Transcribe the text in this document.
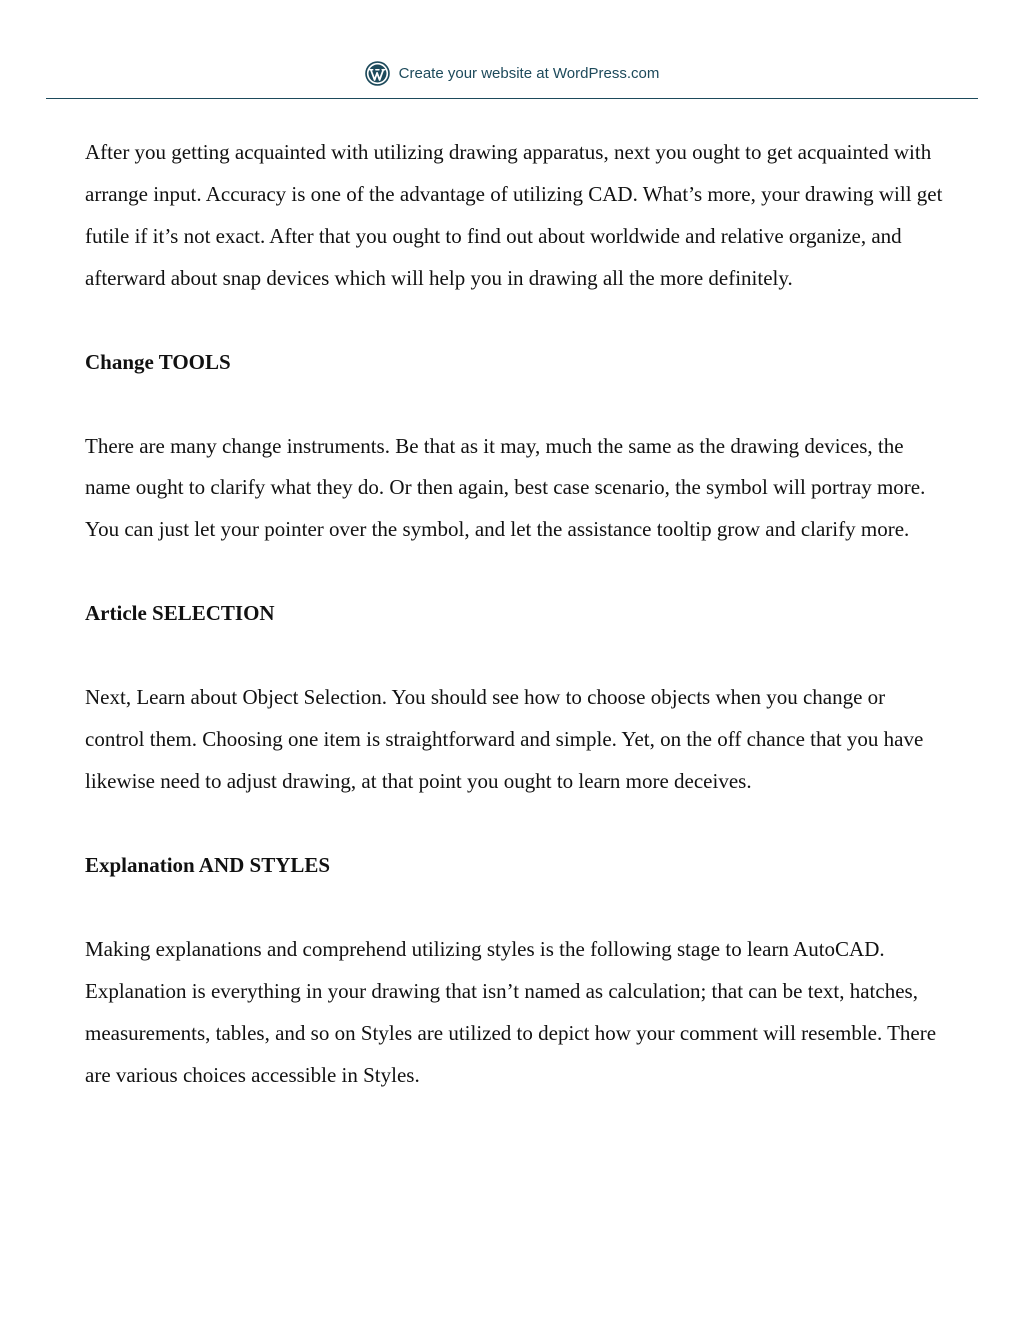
Create your website at WordPress.com

After you getting acquainted with utilizing drawing apparatus, next you ought to get acquainted with arrange input. Accuracy is one of the advantage of utilizing CAD. What’s more, your drawing will get futile if it’s not exact. After that you ought to find out about worldwide and relative organize, and afterward about snap devices which will help you in drawing all the more definitely.

Change TOOLS

There are many change instruments. Be that as it may, much the same as the drawing devices, the name ought to clarify what they do. Or then again, best case scenario, the symbol will portray more. You can just let your pointer over the symbol, and let the assistance tooltip grow and clarify more.

Article SELECTION

Next, Learn about Object Selection. You should see how to choose objects when you change or control them. Choosing one item is straightforward and simple. Yet, on the off chance that you have likewise need to adjust drawing, at that point you ought to learn more deceives.

Explanation AND STYLES

Making explanations and comprehend utilizing styles is the following stage to learn AutoCAD. Explanation is everything in your drawing that isn’t named as calculation; that can be text, hatches, measurements, tables, and so on Styles are utilized to depict how your comment will resemble. There are various choices accessible in Styles.
